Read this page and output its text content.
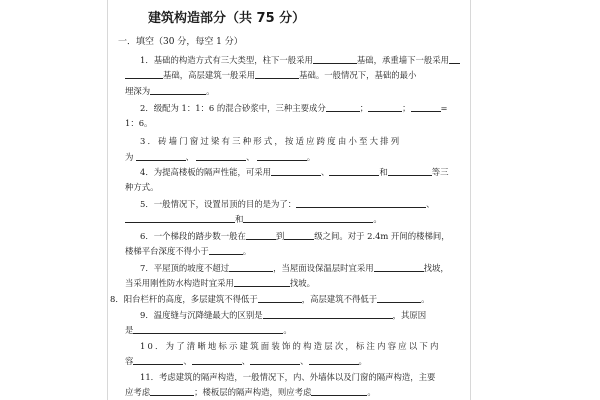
建筑构造部分（共 75 分）
一．填空（30 分，每空 1 分）
1．基础的构造方式有三大类型，柱下一般采用	基础，承重墙下一般采用
基础，高层建筑一般采用	基础。一般情况下，基础的最小
埋深为	。
2．级配为 1：1：6 的混合砂浆中，三种主要成分	；	；	=
1：6。
3．砖墙门窗过梁有三种形式，按适应跨度由小至大排列
为	、	、	。
4．为提高楼板的隔声性能，可采用	、	和	等三
种方式。
5．一般情况下，设置吊顶的目的是为了：	、
和	。
6．一个梯段的踏步数一般在	到	级之间。对于 2.4m 开间的楼梯间，
楼梯平台深度不得小于	。
7．平屋顶的坡度不超过	，当屋面设保温层时宜采用	找坡，
当采用刚性防水构造时宜采用	找坡。
8．阳台栏杆的高度，多层建筑不得低于	，高层建筑不得低于	。
9．温度缝与沉降缝最大的区别是	，其原因
是	。
10．为了清晰地标示建筑面装饰的构造层次，标注内容应以下内
容	、	、	、	。
11．考虑建筑的隔声构造，一般情况下，内、外墙体以及门窗的隔声构造，主要
应考虑	；楼板层的隔声构造，则应考虑	。
